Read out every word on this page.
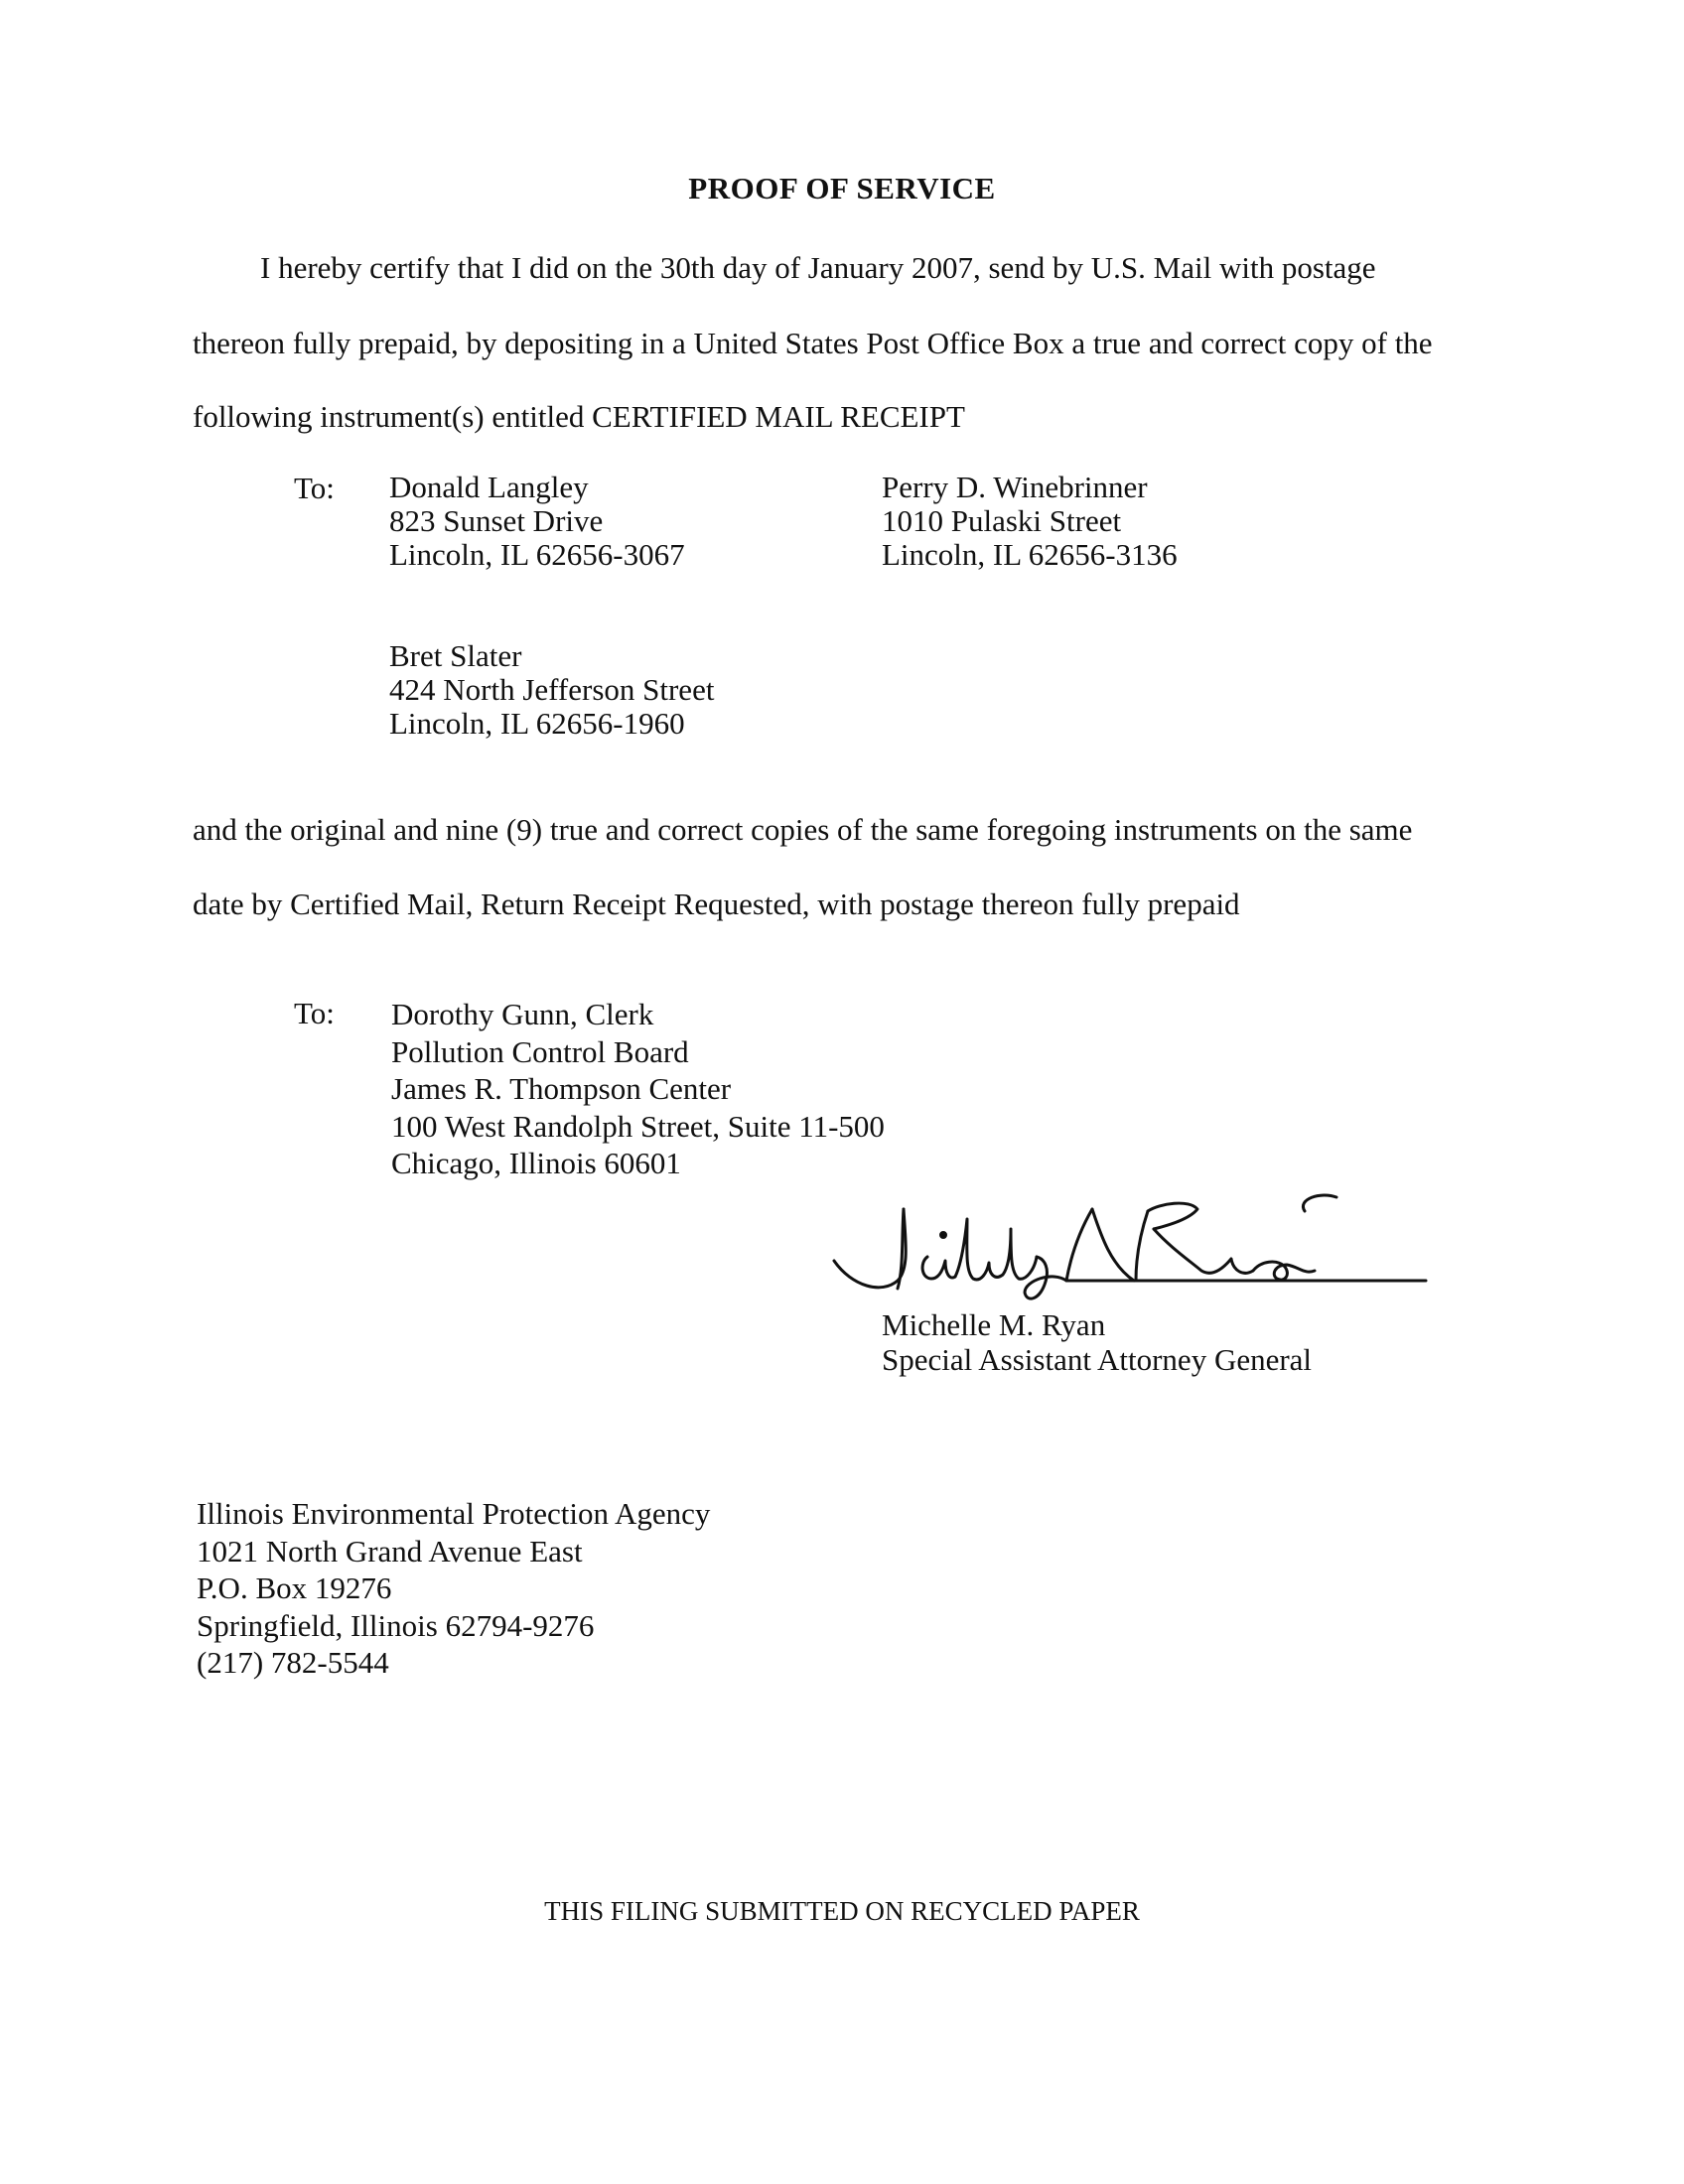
PROOF OF SERVICE
I hereby certify that I did on the 30th day of January 2007, send by U.S. Mail with postage
thereon fully prepaid, by depositing in a United States Post Office Box a true and correct copy of the
following instrument(s) entitled CERTIFIED MAIL RECEIPT
To: Donald Langley
823 Sunset Drive
Lincoln, IL 62656-3067
Perry D. Winebrinner
1010 Pulaski Street
Lincoln, IL 62656-3136
Bret Slater
424 North Jefferson Street
Lincoln, IL 62656-1960
and the original and nine (9) true and correct copies of the same foregoing instruments on the same
date by Certified Mail, Return Receipt Requested, with postage thereon fully prepaid
To: Dorothy Gunn, Clerk
Pollution Control Board
James R. Thompson Center
100 West Randolph Street, Suite 11-500
Chicago, Illinois 60601
Michelle M. Ryan
Special Assistant Attorney General
Illinois Environmental Protection Agency
1021 North Grand Avenue East
P.O. Box 19276
Springfield, Illinois 62794-9276
(217) 782-5544
THIS FILING SUBMITTED ON RECYCLED PAPER
